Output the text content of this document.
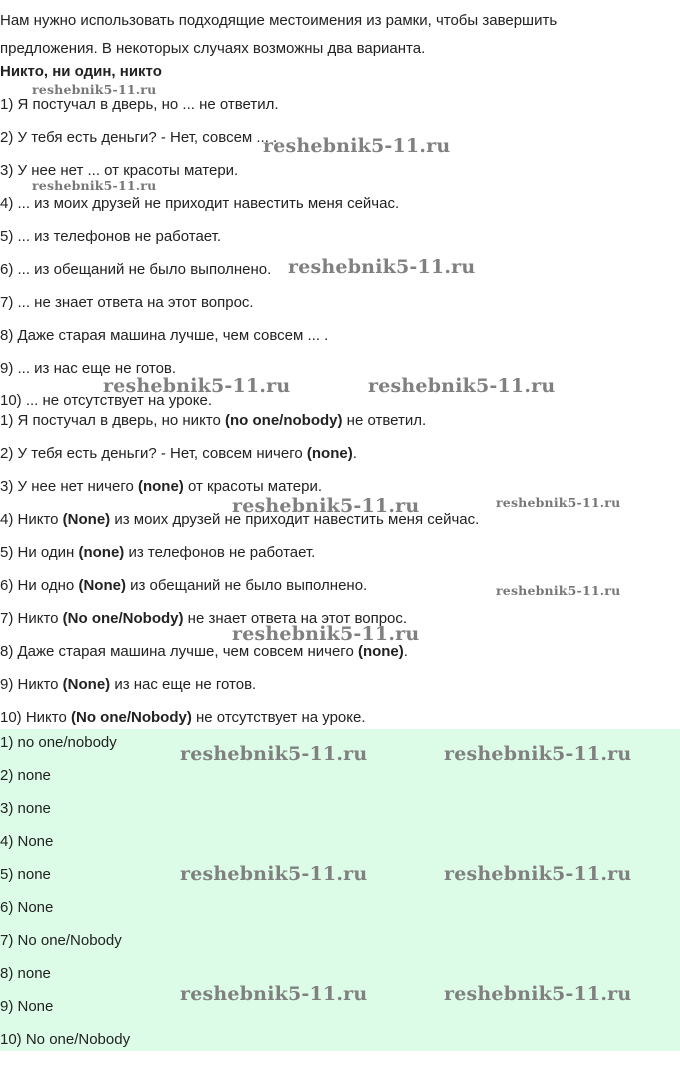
Нам нужно использовать подходящие местоимения из рамки, чтобы завершить
предложения. В некоторых случаях возможны два варианта.
Никто, ни один, никто
1) Я постучал в дверь, но ... не ответил.
2) У тебя есть деньги? - Нет, совсем ... .
3) У нее нет ... от красоты матери.
4) ... из моих друзей не приходит навестить меня сейчас.
5) ... из телефонов не работает.
6) ... из обещаний не было выполнено.
7) ... не знает ответа на этот вопрос.
8) Даже старая машина лучше, чем совсем ... .
9) ... из нас еще не готов.
10) ... не отсутствует на уроке.
1) Я постучал в дверь, но никто (no one/nobody) не ответил.
2) У тебя есть деньги? - Нет, совсем ничего (none).
3) У нее нет ничего (none) от красоты матери.
4) Никто (None) из моих друзей не приходит навестить меня сейчас.
5) Ни один (none) из телефонов не работает.
6) Ни одно (None) из обещаний не было выполнено.
7) Никто (No one/Nobody) не знает ответа на этот вопрос.
8) Даже старая машина лучше, чем совсем ничего (none).
9) Никто (None) из нас еще не готов.
10) Никто (No one/Nobody) не отсутствует на уроке.
1) no one/nobody
2) none
3) none
4) None
5) none
6) None
7) No one/Nobody
8) none
9) None
10) No one/Nobody
reshebnik5-11.ru
reshebnik5-11.ru
reshebnik5-11.ru
reshebnik5-11.ru
reshebnik5-11.ru	reshebnik5-11.ru
reshebnik5-11.ru	reshebnik5-11.ru
reshebnik5-11.ru
reshebnik5-11.ru
reshebnik5-11.ru	reshebnik5-11.ru
reshebnik5-11.ru	reshebnik5-11.ru
reshebnik5-11.ru	reshebnik5-11.ru
